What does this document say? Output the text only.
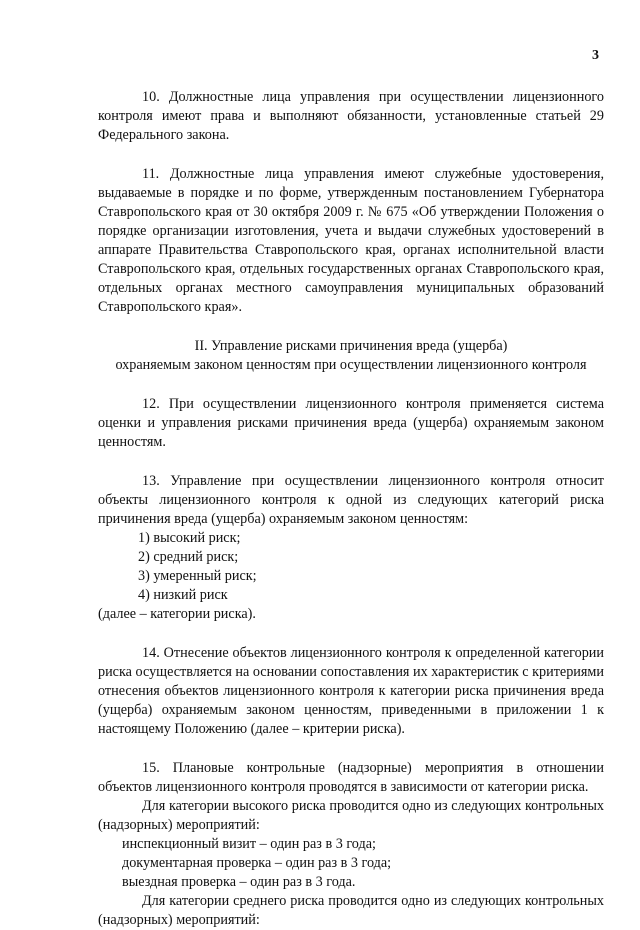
3

10. Должностные лица управления при осуществлении лицензионного контроля имеют права и выполняют обязанности, установленные статьей 29 Федерального закона.

11. Должностные лица управления имеют служебные удостоверения, выдаваемые в порядке и по форме, утвержденным постановлением Губернатора Ставропольского края от 30 октября 2009 г. № 675 «Об утверждении Положения о порядке организации изготовления, учета и выдачи служебных удостоверений в аппарате Правительства Ставропольского края, органах исполнительной власти Ставропольского края, отдельных государственных органах Ставропольского края, отдельных органах местного самоуправления муниципальных образований Ставропольского края».

II. Управление рисками причинения вреда (ущерба)

охраняемым законом ценностям при осуществлении лицензионного контроля

12. При осуществлении лицензионного контроля применяется система оценки и управления рисками причинения вреда (ущерба) охраняемым законом ценностям.

13. Управление при осуществлении лицензионного контроля относит объекты лицензионного контроля к одной из следующих категорий риска причинения вреда (ущерба) охраняемым законом ценностям:

1) высокий риск;

2) средний риск;

3) умеренный риск;

4) низкий риск

(далее – категории риска).

14. Отнесение объектов лицензионного контроля к определенной категории риска осуществляется на основании сопоставления их характеристик с критериями отнесения объектов лицензионного контроля к категории риска причинения вреда (ущерба) охраняемым законом ценностям, приведенными в приложении 1 к настоящему Положению (далее – критерии риска).

15. Плановые контрольные (надзорные) мероприятия в отношении объектов лицензионного контроля проводятся в зависимости от категории риска.

Для категории высокого риска проводится одно из следующих контрольных (надзорных) мероприятий:

инспекционный визит – один раз в 3 года;

документарная проверка – один раз в 3 года;

выездная проверка – один раз в 3 года.

Для категории среднего риска проводится одно из следующих контрольных (надзорных) мероприятий:
